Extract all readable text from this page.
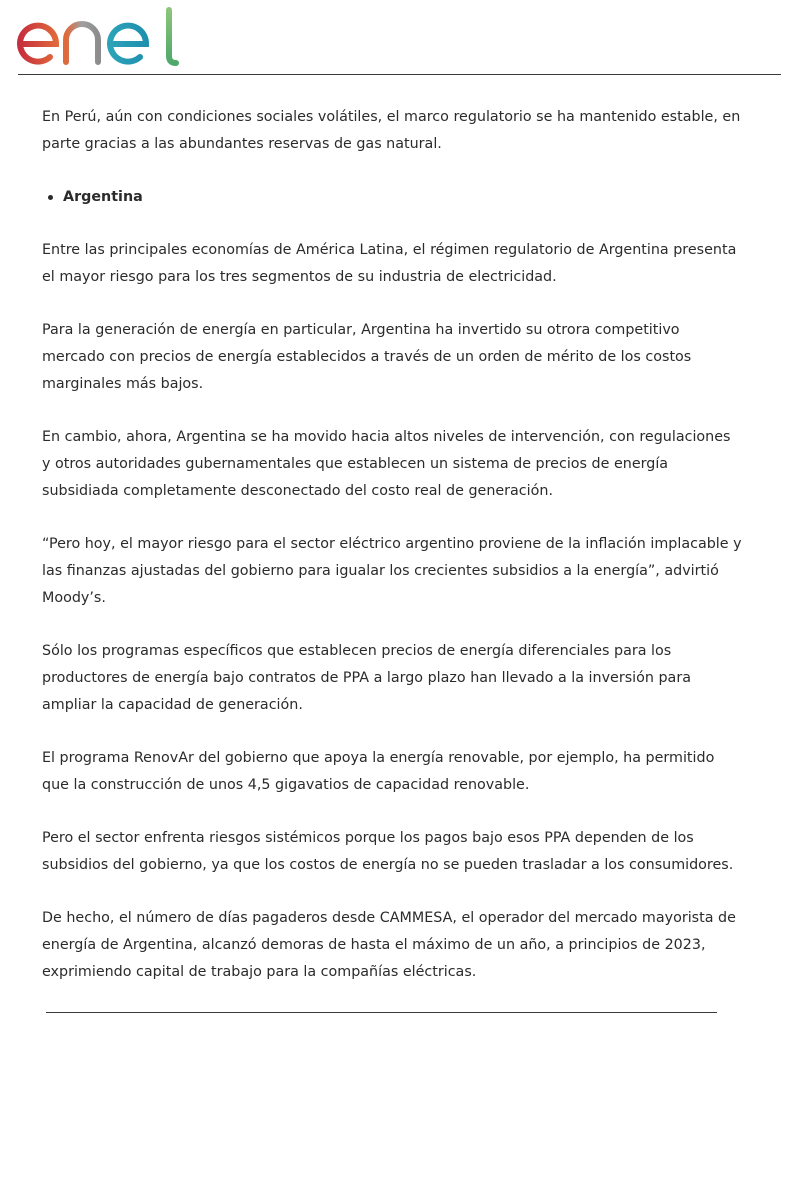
En Perú, aún con condiciones sociales volátiles, el marco regulatorio se ha mantenido estable, en parte gracias a las abundantes reservas de gas natural.

Argentina

Entre las principales economías de América Latina, el régimen regulatorio de Argentina presenta el mayor riesgo para los tres segmentos de su industria de electricidad.

Para la generación de energía en particular, Argentina ha invertido su otrora competitivo mercado con precios de energía establecidos a través de un orden de mérito de los costos marginales más bajos.

En cambio, ahora, Argentina se ha movido hacia altos niveles de intervención, con regulaciones y otros autoridades gubernamentales que establecen un sistema de precios de energía subsidiada completamente desconectado del costo real de generación.

“Pero hoy, el mayor riesgo para el sector eléctrico argentino proviene de la inflación implacable y las finanzas ajustadas del gobierno para igualar los crecientes subsidios a la energía”, advirtió Moody’s.

Sólo los programas específicos que establecen precios de energía diferenciales para los productores de energía bajo contratos de PPA a largo plazo han llevado a la inversión para ampliar la capacidad de generación.

El programa RenovAr del gobierno que apoya la energía renovable, por ejemplo, ha permitido que la construcción de unos 4,5 gigavatios de capacidad renovable.

Pero el sector enfrenta riesgos sistémicos porque los pagos bajo esos PPA dependen de los subsidios del gobierno, ya que los costos de energía no se pueden trasladar a los consumidores.

De hecho, el número de días pagaderos desde CAMMESA, el operador del mercado mayorista de energía de Argentina, alcanzó demoras de hasta el máximo de un año, a principios de 2023, exprimiendo capital de trabajo para la compañías eléctricas.
